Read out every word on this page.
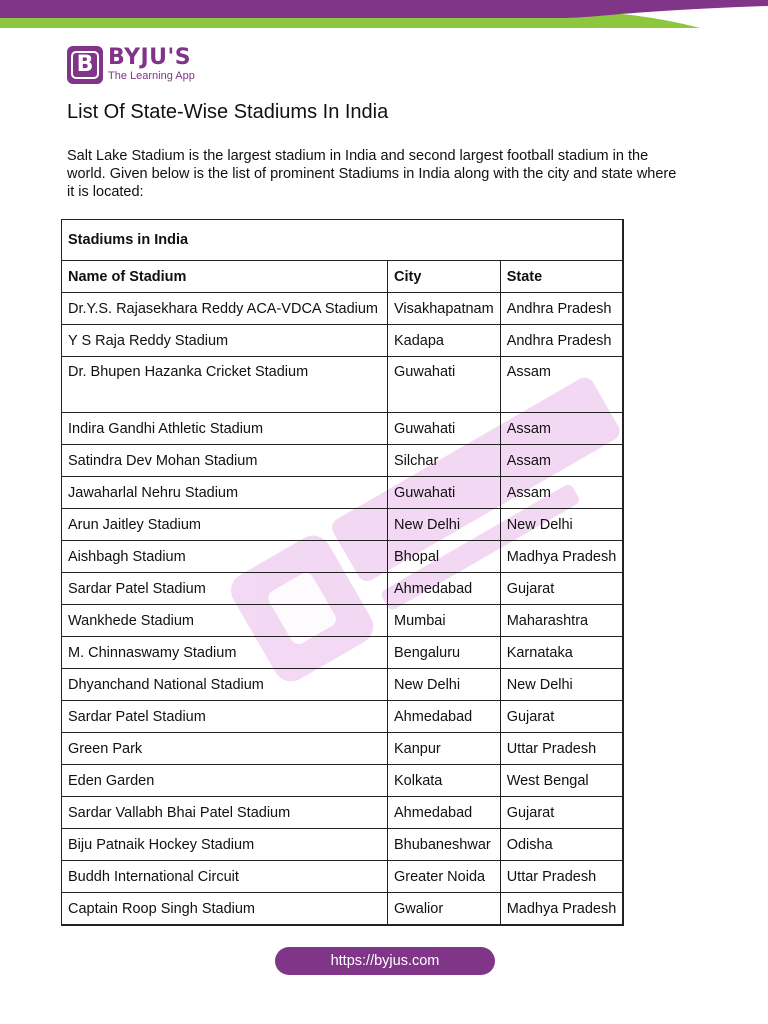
B BYJU'S
The Learning App
List Of State-Wise Stadiums In India

Salt Lake Stadium is the largest stadium in India and second largest football stadium in the world. Given below is the list of prominent Stadiums in India along with the city and state where it is located:

Stadiums in India		
Name of Stadium	City	State
Dr.Y.S. Rajasekhara Reddy ACA-VDCA Stadium	Visakhapatnam	Andhra Pradesh
Y S Raja Reddy Stadium	Kadapa	Andhra Pradesh
Dr. Bhupen Hazanka Cricket Stadium	Guwahati	Assam
Indira Gandhi Athletic Stadium	Guwahati	Assam
Satindra Dev Mohan Stadium	Silchar	Assam
Jawaharlal Nehru Stadium	Guwahati	Assam
Arun Jaitley Stadium	New Delhi	New Delhi
Aishbagh Stadium	Bhopal	Madhya Pradesh
Sardar Patel Stadium	Ahmedabad	Gujarat
Wankhede Stadium	Mumbai	Maharashtra
M. Chinnaswamy Stadium	Bengaluru	Karnataka
Dhyanchand National Stadium	New Delhi	New Delhi
Sardar Patel Stadium	Ahmedabad	Gujarat
Green Park	Kanpur	Uttar Pradesh
Eden Garden	Kolkata	West Bengal
Sardar Vallabh Bhai Patel Stadium	Ahmedabad	Gujarat
Biju Patnaik Hockey Stadium	Bhubaneshwar	Odisha
Buddh International Circuit	Greater Noida	Uttar Pradesh
Captain Roop Singh Stadium	Gwalior	Madhya Pradesh
https://byjus.com
